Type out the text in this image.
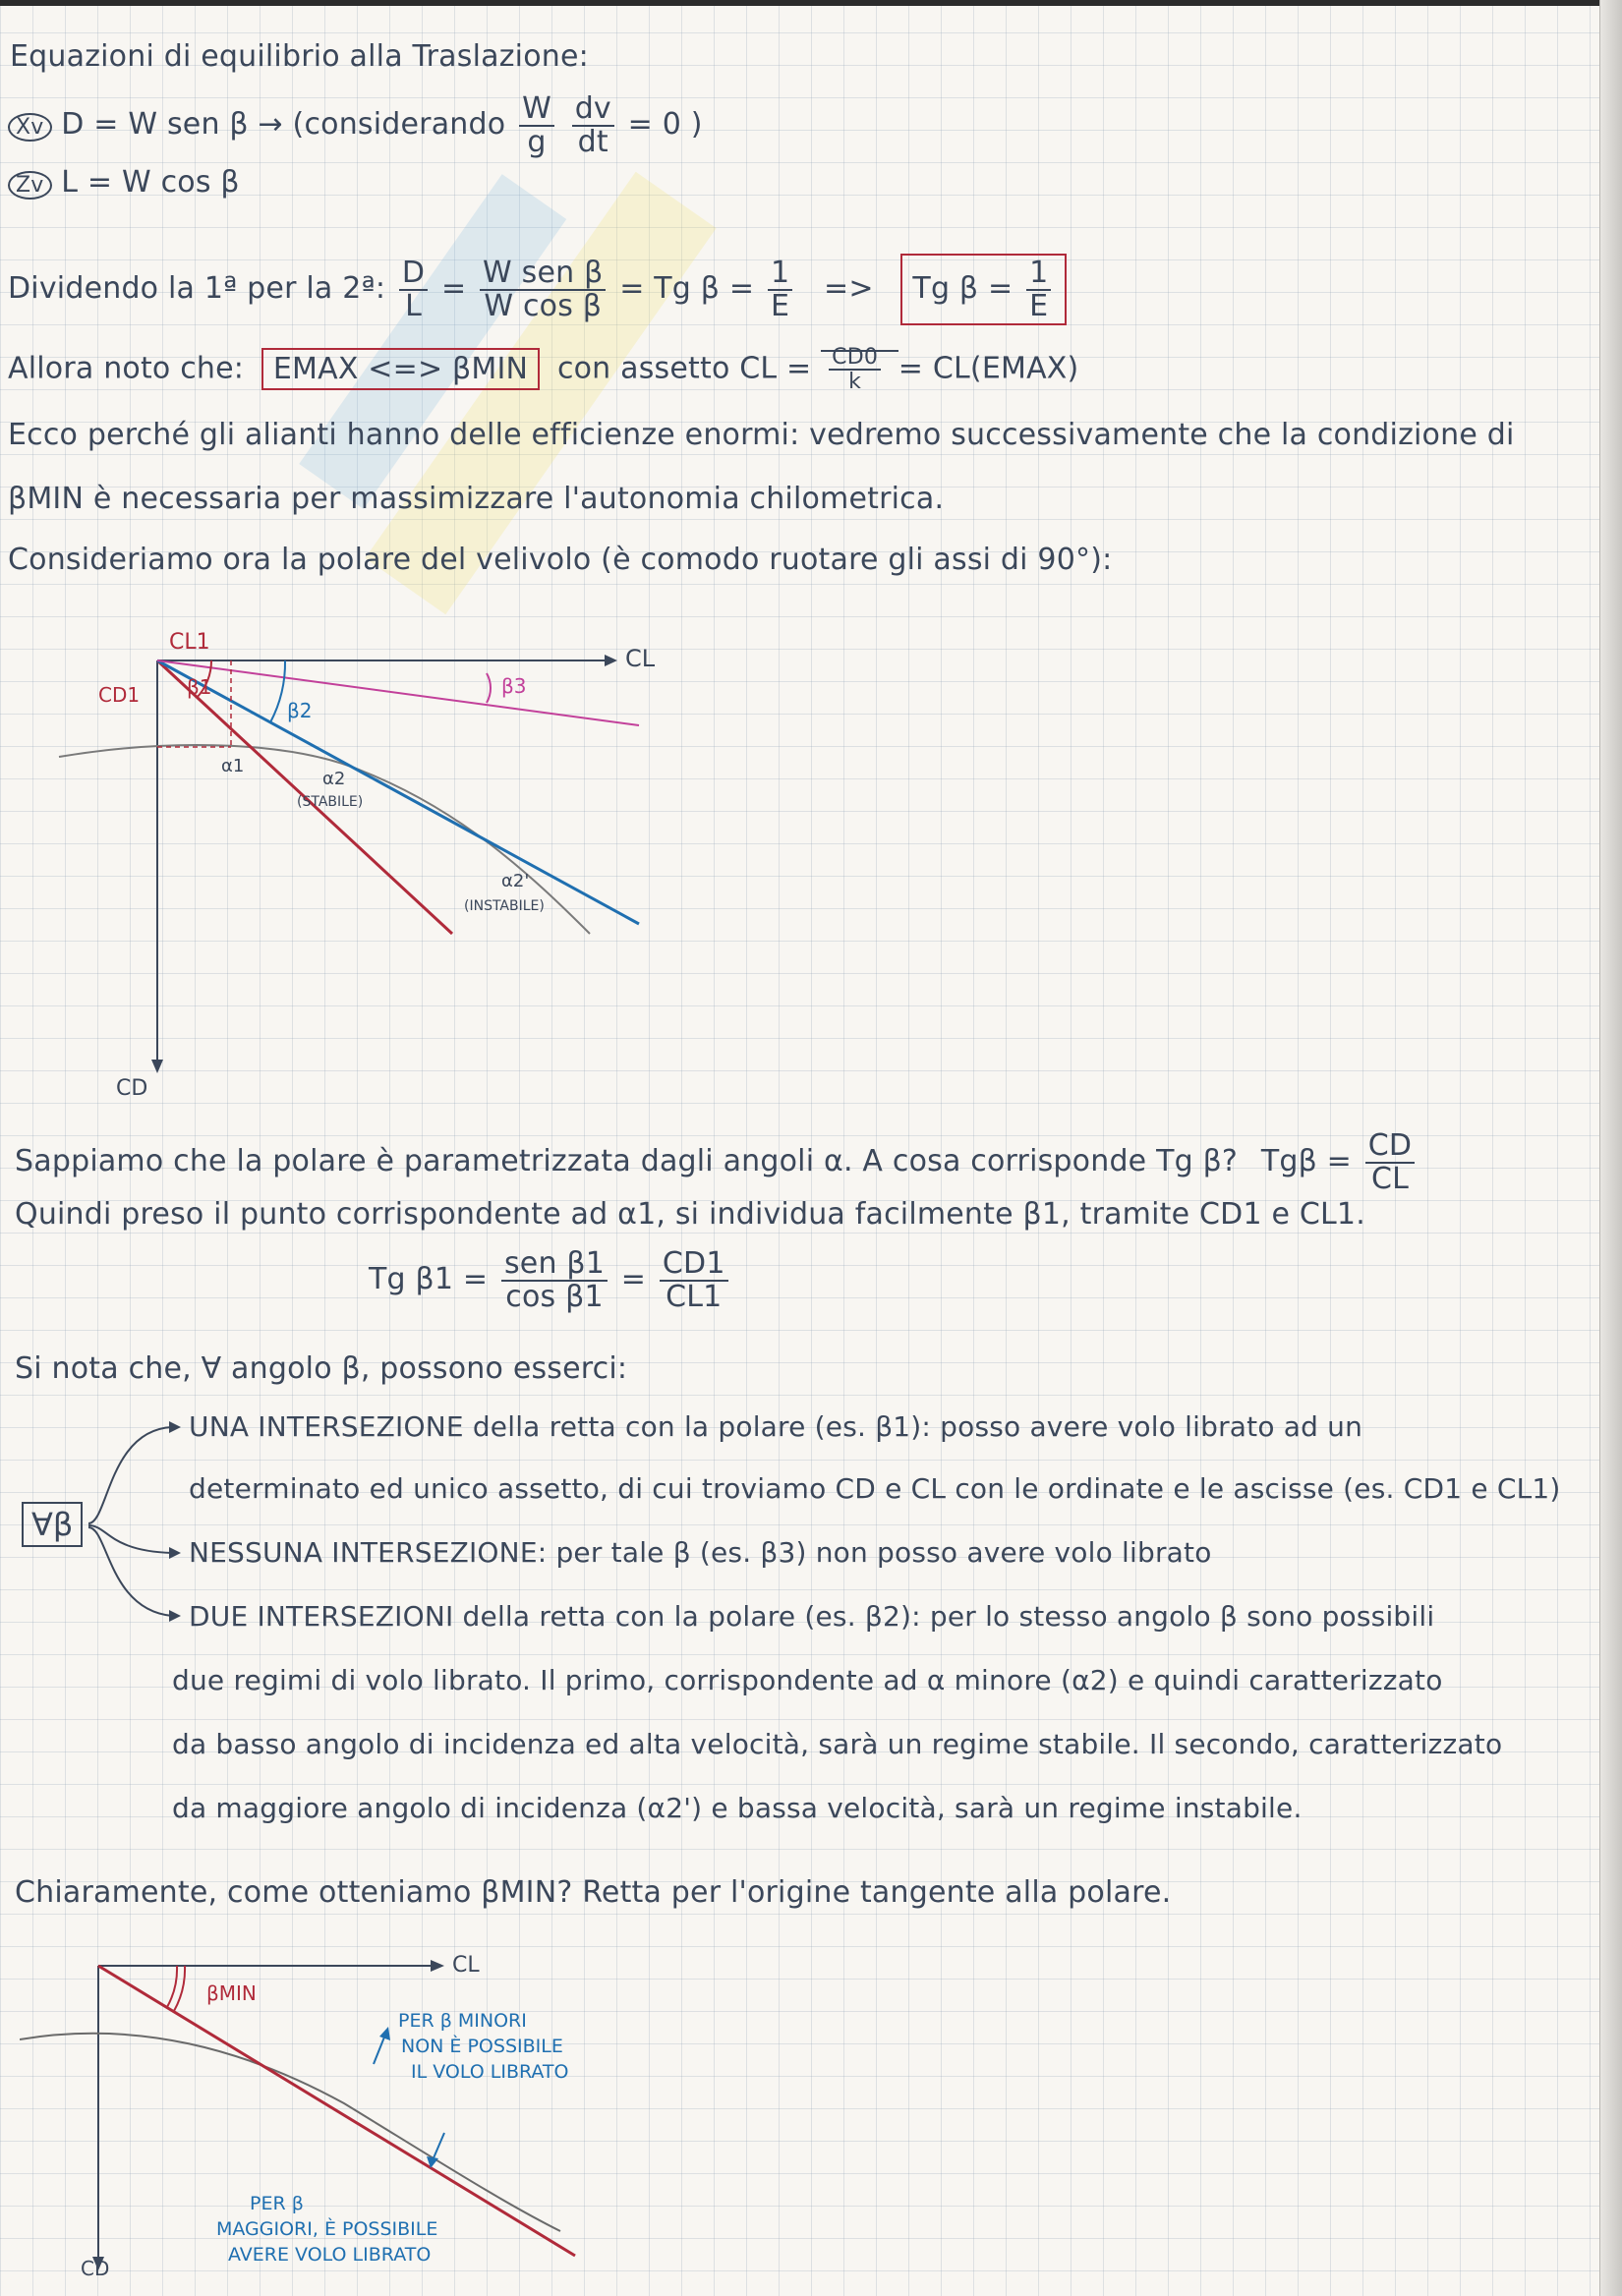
Equazioni di equilibrio alla Traslazione:
Xv D = W sen β → (considerando $\frac{W}{g}$
$\frac{dv}{dt} = 0$ )
Zv L = W cos β
Dividendo la 1ª per la 2ª: $\frac{D}{L} = \frac{\text{W sen β}}{\text{W cos β}} = Tg$ $\beta = \frac{1}{E} => Tg$ $\beta = \frac{1}{E}$
Allora noto che: EMAX <=> βMIN con assetto CL = $\frac{CD0}{k}$ = CL(EMAX)
Ecco perché gli alianti hanno delle efficienze enormi: vedremo successivamente che la condizione di
βMIN è necessaria per massimizzare l'autonomia chilometrica.
Consideriamo ora la polare del velivolo (è comodo ruotare gli assi di 90°):
CL1
CL
CD1 β1
β2
β3
α1
α2
(STABILE)
α2'
(INSTABILE)
CD
Sappiamo che la polare è parametrizzata dagli angoli α. A cosa corrisponde Tg β? $Tg\beta = \frac{CD}{CL}$
Quindi preso il punto corrispondente ad α1, si individua facilmente β1, tramite CD1 e CL1.
Tg $\beta 1 = \frac{\text{sen β1}}{\text{cos β1}} = \frac{CD1}{CL1}$
Si nota che, ∀ angolo β, possono esserci:
∀β
UNA INTERSEZIONE della retta con la polare (es. β1): posso avere volo librato ad un
determinato ed unico assetto, di cui troviamo CD e CL con le ordinate e le ascisse (es. CD1 e CL1)
NESSUNA INTERSEZIONE: per tale β (es. β3) non posso avere volo librato
DUE INTERSEZIONI della retta con la polare (es. β2): per lo stesso angolo β sono possibili
due regimi di volo librato. Il primo, corrispondente ad α minore (α2) e quindi caratterizzato
da basso angolo di incidenza ed alta velocità, sarà un regime stabile. Il secondo, caratterizzato
da maggiore angolo di incidenza (α2') e bassa velocità, sarà un regime instabile.
Chiaramente, come otteniamo βMIN? Retta per l'origine tangente alla polare.
βMIN
CL
CD
PER β MINORI
NON È POSSIBILE
IL VOLO LIBRATO
PER β
MAGGIORI, È POSSIBILE
AVERE VOLO LIBRATO
